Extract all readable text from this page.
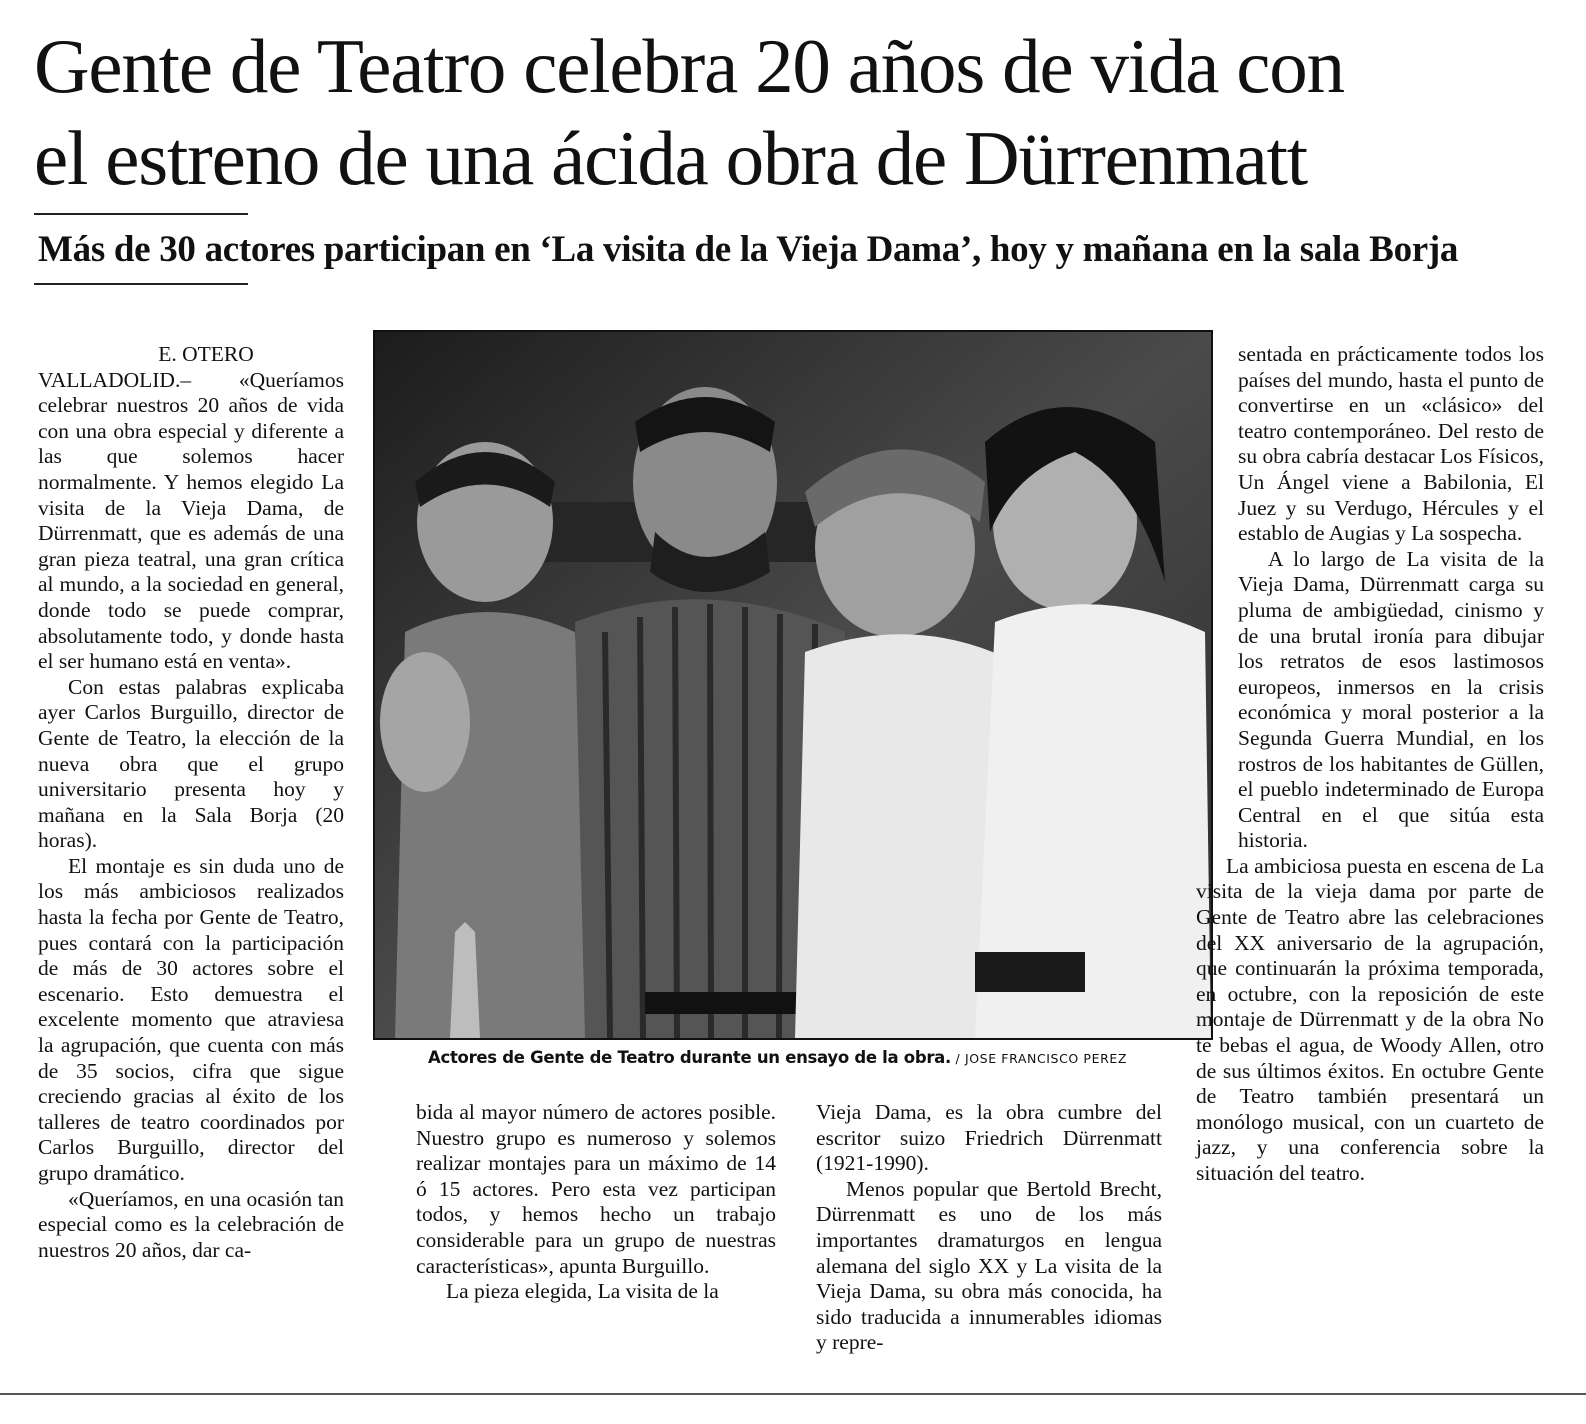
Gente de Teatro celebra 20 años de vida con
el estreno de una ácida obra de Dürrenmatt
Más de 30 actores participan en ‘La visita de la Vieja Dama’, hoy y mañana en la sala Borja

E. OTERO

VALLADOLID.– «Queríamos celebrar nuestros 20 años de vida con una obra especial y diferente a las que solemos hacer normalmente. Y hemos elegido La visita de la Vieja Dama, de Dürrenmatt, que es además de una gran pieza teatral, una gran crítica al mundo, a la sociedad en general, donde todo se puede comprar, absolutamente todo, y donde hasta el ser humano está en venta».

Con estas palabras explicaba ayer Carlos Burguillo, director de Gente de Teatro, la elección de la nueva obra que el grupo universitario presenta hoy y mañana en la Sala Borja (20 horas).

El montaje es sin duda uno de los más ambiciosos realizados hasta la fecha por Gente de Teatro, pues contará con la participación de más de 30 actores sobre el escenario. Esto demuestra el excelente momento que atraviesa la agrupación, que cuenta con más de 35 socios, cifra que sigue creciendo gracias al éxito de los talleres de teatro coordinados por Carlos Burguillo, director del grupo dramático.

«Queríamos, en una ocasión tan especial como es la celebración de nuestros 20 años, dar ca-

Actores de Gente de Teatro durante un ensayo de la obra. / JOSE FRANCISCO PEREZ

bida al mayor número de actores posible. Nuestro grupo es numeroso y solemos realizar montajes para un máximo de 14 ó 15 actores. Pero esta vez participan todos, y hemos hecho un trabajo considerable para un grupo de nuestras características», apunta Burguillo.

La pieza elegida, La visita de la

Vieja Dama, es la obra cumbre del escritor suizo Friedrich Dürrenmatt (1921-1990).

Menos popular que Bertold Brecht, Dürrenmatt es uno de los más importantes dramaturgos en lengua alemana del siglo XX y La visita de la Vieja Dama, su obra más conocida, ha sido traducida a innumerables idiomas y repre-

sentada en prácticamente todos los países del mundo, hasta el punto de convertirse en un «clásico» del teatro contemporáneo. Del resto de su obra cabría destacar Los Físicos, Un Ángel viene a Babilonia, El Juez y su Verdugo, Hércules y el establo de Augias y La sospecha.

A lo largo de La visita de la Vieja Dama, Dürrenmatt carga su pluma de ambigüedad, cinismo y de una brutal ironía para dibujar los retratos de esos lastimosos europeos, inmersos en la crisis económica y moral posterior a la Segunda Guerra Mundial, en los rostros de los habitantes de Güllen, el pueblo indeterminado de Europa Central en el que sitúa esta historia.

La ambiciosa puesta en escena de La visita de la vieja dama por parte de Gente de Teatro abre las celebraciones del XX aniversario de la agrupación, que continuarán la próxima temporada, en octubre, con la reposición de este montaje de Dürrenmatt y de la obra No te bebas el agua, de Woody Allen, otro de sus últimos éxitos. En octubre Gente de Teatro también presentará un monólogo musical, con un cuarteto de jazz, y una conferencia sobre la situación del teatro.
